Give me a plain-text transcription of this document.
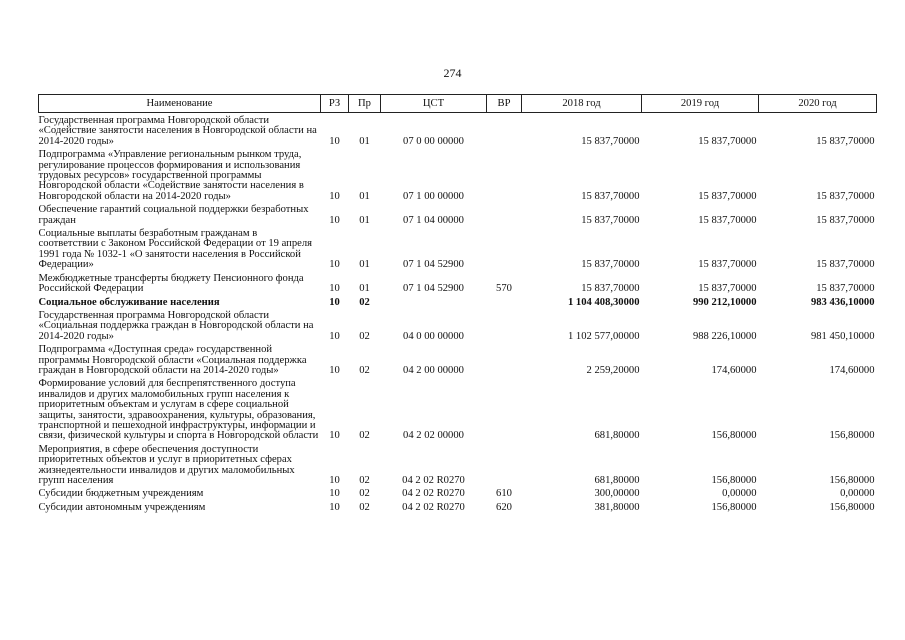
274
Наименование	РЗ	Пр	ЦСТ	ВР	2018 год	2019 год	2020 год
Государственная программа Новгородской области «Содействие занятости населения в Новгородской области на 2014-2020 годы»	10	01	07 0 00 00000		15 837,70000	15 837,70000	15 837,70000
Подпрограмма «Управление региональным рынком труда, регулирование процессов формирования и использования трудовых ресурсов» государственной программы Новгородской области «Содействие занятости населения в Новгородской области на 2014-2020 годы»	10	01	07 1 00 00000		15 837,70000	15 837,70000	15 837,70000
Обеспечение гарантий социальной поддержки безработных граждан	10	01	07 1 04 00000		15 837,70000	15 837,70000	15 837,70000
Социальные выплаты безработным гражданам в соответствии с Законом Российской Федерации от 19 апреля 1991 года № 1032-1 «О занятости населения в Российской Федерации»	10	01	07 1 04 52900		15 837,70000	15 837,70000	15 837,70000
Межбюджетные трансферты бюджету Пенсионного фонда Российской Федерации	10	01	07 1 04 52900	570	15 837,70000	15 837,70000	15 837,70000
Социальное обслуживание населения	10	02			1 104 408,30000	990 212,10000	983 436,10000
Государственная программа Новгородской области «Социальная поддержка граждан в Новгородской области на 2014-2020 годы»	10	02	04 0 00 00000		1 102 577,00000	988 226,10000	981 450,10000
Подпрограмма «Доступная среда» государственной программы Новгородской области «Социальная поддержка граждан в Новгородской области на 2014-2020 годы»	10	02	04 2 00 00000		2 259,20000	174,60000	174,60000
Формирование условий для беспрепятственного доступа инвалидов и других маломобильных групп населения к приоритетным объектам и услугам в сфере социальной защиты, занятости, здравоохранения, культуры, образования, транспортной и пешеходной инфраструктуры, информации и связи, физической культуры и спорта в Новгородской области	10	02	04 2 02 00000		681,80000	156,80000	156,80000
Мероприятия, в сфере обеспечения доступности приоритетных объектов и услуг в приоритетных сферах жизнедеятельности инвалидов и других маломобильных групп населения	10	02	04 2 02 R0270		681,80000	156,80000	156,80000
Субсидии бюджетным учреждениям	10	02	04 2 02 R0270	610	300,00000	0,00000	0,00000
Субсидии автономным учреждениям	10	02	04 2 02 R0270	620	381,80000	156,80000	156,80000
